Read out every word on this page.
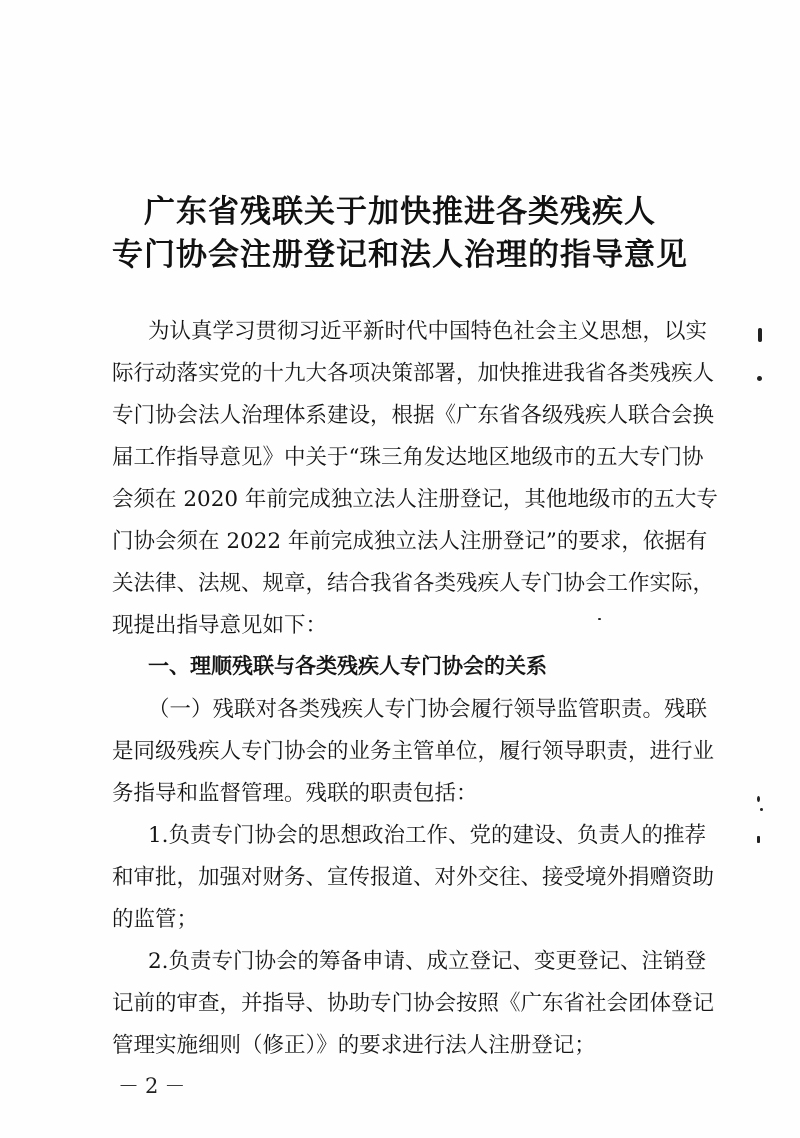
广东省残联关于加快推进各类残疾人
专门协会注册登记和法人治理的指导意见
为认真学习贯彻习近平新时代中国特色社会主义思想，以实
际行动落实党的十九大各项决策部署，加快推进我省各类残疾人
专门协会法人治理体系建设，根据《广东省各级残疾人联合会换
届工作指导意见》中关于“珠三角发达地区地级市的五大专门协
会须在 2020 年前完成独立法人注册登记，其他地级市的五大专
门协会须在 2022 年前完成独立法人注册登记”的要求，依据有
关法律、法规、规章，结合我省各类残疾人专门协会工作实际，
现提出指导意见如下：
一、理顺残联与各类残疾人专门协会的关系
（一）残联对各类残疾人专门协会履行领导监管职责。残联
是同级残疾人专门协会的业务主管单位，履行领导职责，进行业
务指导和监督管理。残联的职责包括：
1.负责专门协会的思想政治工作、党的建设、负责人的推荐
和审批，加强对财务、宣传报道、对外交往、接受境外捐赠资助
的监管；
2.负责专门协会的筹备申请、成立登记、变更登记、注销登
记前的审查，并指导、协助专门协会按照《广东省社会团体登记
管理实施细则（修正）》的要求进行法人注册登记；
－2－
